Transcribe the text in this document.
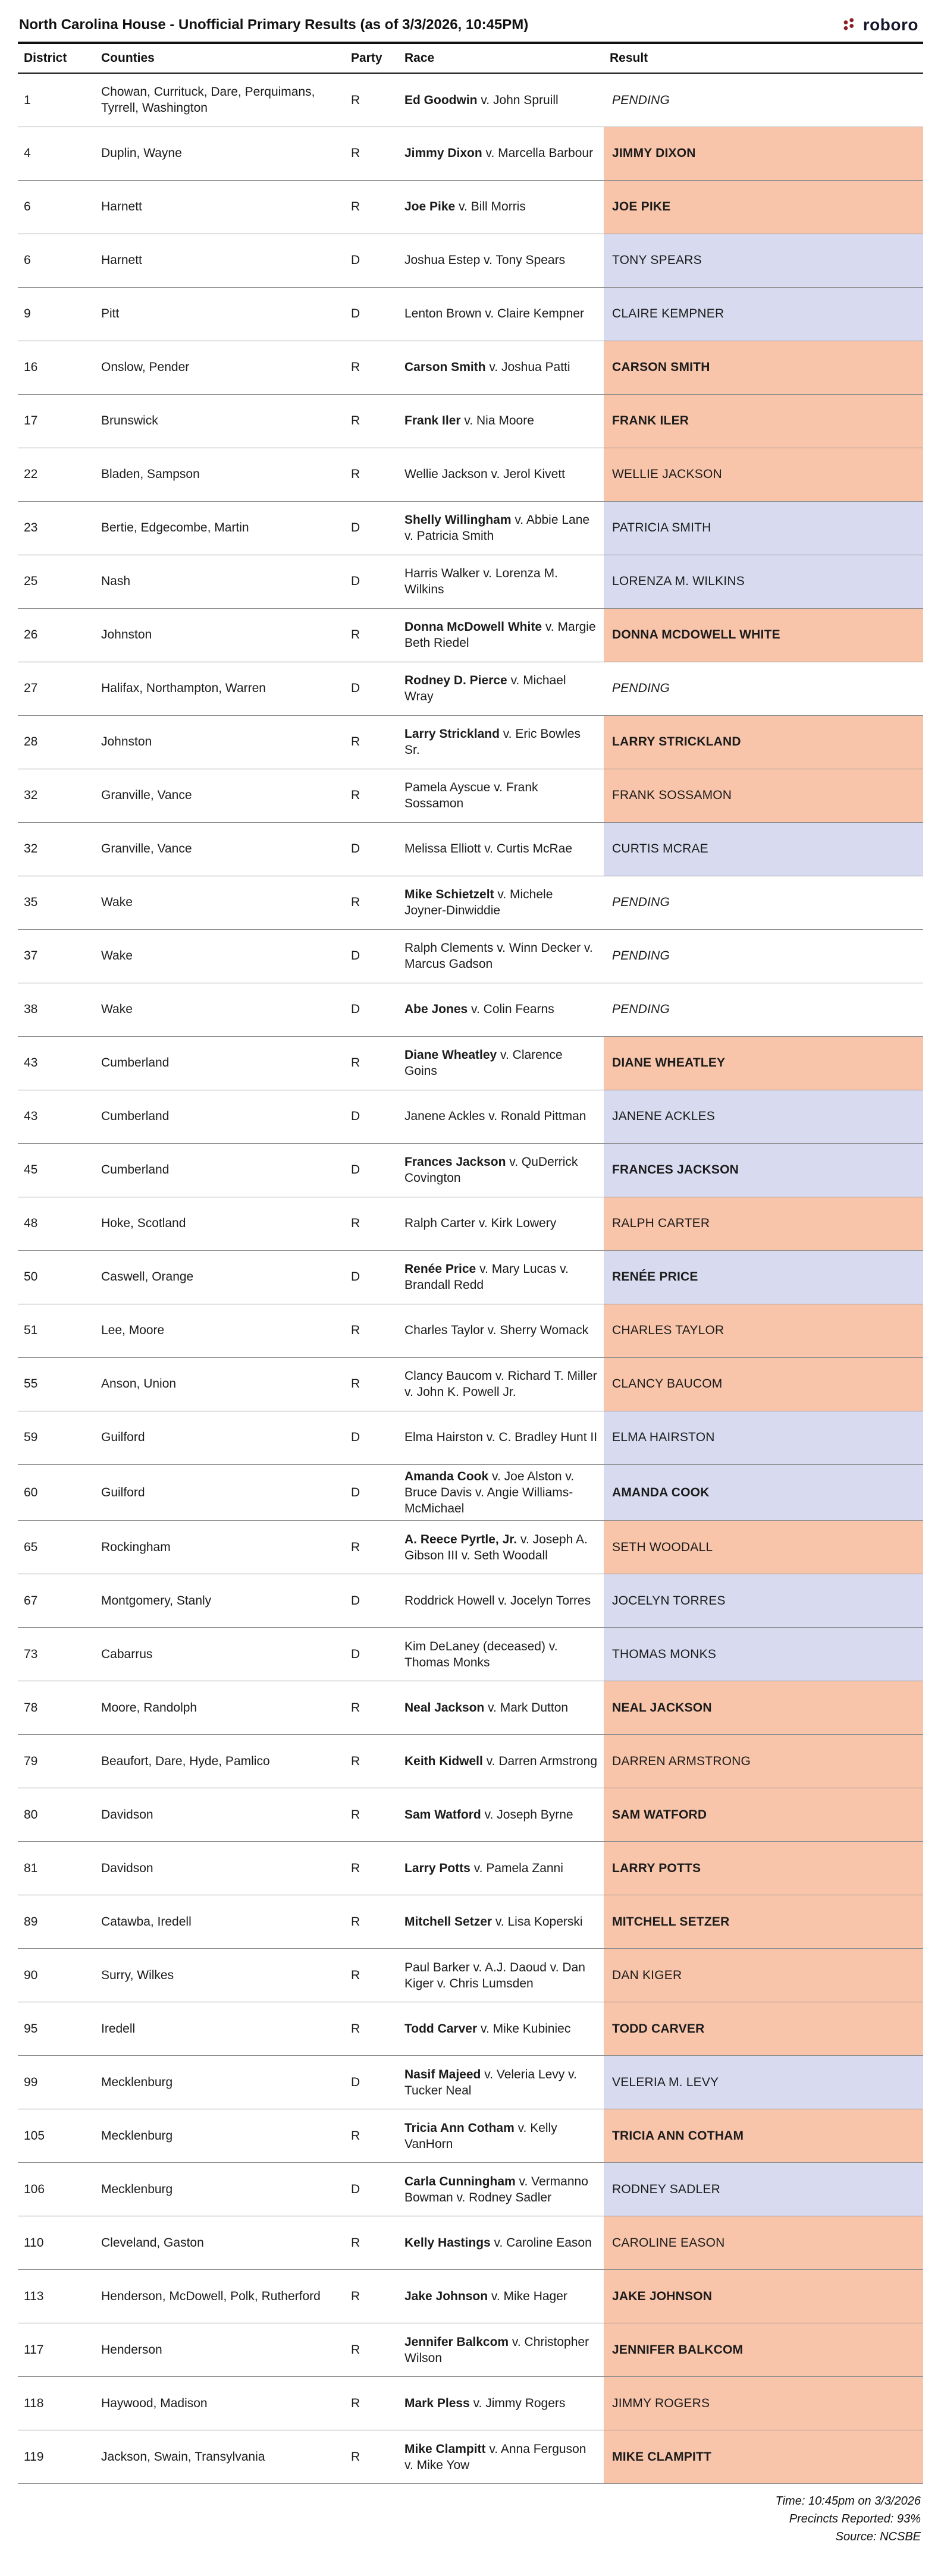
North Carolina House - Unofficial Primary Results (as of 3/3/2026, 10:45PM)	roboro
District	Counties	Party	Race	Result
1	Chowan, Currituck, Dare, Perquimans, Tyrrell, Washington	R	Ed Goodwin v. John Spruill	PENDING
4	Duplin, Wayne	R	Jimmy Dixon v. Marcella Barbour	JIMMY DIXON
6	Harnett	R	Joe Pike v. Bill Morris	JOE PIKE
6	Harnett	D	Joshua Estep v. Tony Spears	TONY SPEARS
9	Pitt	D	Lenton Brown v. Claire Kempner	CLAIRE KEMPNER
16	Onslow, Pender	R	Carson Smith v. Joshua Patti	CARSON SMITH
17	Brunswick	R	Frank Iler v. Nia Moore	FRANK ILER
22	Bladen, Sampson	R	Wellie Jackson v. Jerol Kivett	WELLIE JACKSON
23	Bertie, Edgecombe, Martin	D	Shelly Willingham v. Abbie Lane v. Patricia Smith	PATRICIA SMITH
25	Nash	D	Harris Walker v. Lorenza M. Wilkins	LORENZA M. WILKINS
26	Johnston	R	Donna McDowell White v. Margie Beth Riedel	DONNA MCDOWELL WHITE
27	Halifax, Northampton, Warren	D	Rodney D. Pierce v. Michael Wray	PENDING
28	Johnston	R	Larry Strickland v. Eric Bowles Sr.	LARRY STRICKLAND
32	Granville, Vance	R	Pamela Ayscue v. Frank Sossamon	FRANK SOSSAMON
32	Granville, Vance	D	Melissa Elliott v. Curtis McRae	CURTIS MCRAE
35	Wake	R	Mike Schietzelt v. Michele Joyner-Dinwiddie	PENDING
37	Wake	D	Ralph Clements v. Winn Decker v. Marcus Gadson	PENDING
38	Wake	D	Abe Jones v. Colin Fearns	PENDING
43	Cumberland	R	Diane Wheatley v. Clarence Goins	DIANE WHEATLEY
43	Cumberland	D	Janene Ackles v. Ronald Pittman	JANENE ACKLES
45	Cumberland	D	Frances Jackson v. QuDerrick Covington	FRANCES JACKSON
48	Hoke, Scotland	R	Ralph Carter v. Kirk Lowery	RALPH CARTER
50	Caswell, Orange	D	Renée Price v. Mary Lucas v. Brandall Redd	RENÉE PRICE
51	Lee, Moore	R	Charles Taylor v. Sherry Womack	CHARLES TAYLOR
55	Anson, Union	R	Clancy Baucom v. Richard T. Miller v. John K. Powell Jr.	CLANCY BAUCOM
59	Guilford	D	Elma Hairston v. C. Bradley Hunt II	ELMA HAIRSTON
60	Guilford	D	Amanda Cook v. Joe Alston v. Bruce Davis v. Angie Williams-McMichael	AMANDA COOK
65	Rockingham	R	A. Reece Pyrtle, Jr. v. Joseph A. Gibson III v. Seth Woodall	SETH WOODALL
67	Montgomery, Stanly	D	Roddrick Howell v. Jocelyn Torres	JOCELYN TORRES
73	Cabarrus	D	Kim DeLaney (deceased) v. Thomas Monks	THOMAS MONKS
78	Moore, Randolph	R	Neal Jackson v. Mark Dutton	NEAL JACKSON
79	Beaufort, Dare, Hyde, Pamlico	R	Keith Kidwell v. Darren Armstrong	DARREN ARMSTRONG
80	Davidson	R	Sam Watford v. Joseph Byrne	SAM WATFORD
81	Davidson	R	Larry Potts v. Pamela Zanni	LARRY POTTS
89	Catawba, Iredell	R	Mitchell Setzer v. Lisa Koperski	MITCHELL SETZER
90	Surry, Wilkes	R	Paul Barker v. A.J. Daoud v. Dan Kiger v. Chris Lumsden	DAN KIGER
95	Iredell	R	Todd Carver v. Mike Kubiniec	TODD CARVER
99	Mecklenburg	D	Nasif Majeed v. Veleria Levy v. Tucker Neal	VELERIA M. LEVY
105	Mecklenburg	R	Tricia Ann Cotham v. Kelly VanHorn	TRICIA ANN COTHAM
106	Mecklenburg	D	Carla Cunningham v. Vermanno Bowman v. Rodney Sadler	RODNEY SADLER
110	Cleveland, Gaston	R	Kelly Hastings v. Caroline Eason	CAROLINE EASON
113	Henderson, McDowell, Polk, Rutherford	R	Jake Johnson v. Mike Hager	JAKE JOHNSON
117	Henderson	R	Jennifer Balkcom v. Christopher Wilson	JENNIFER BALKCOM
118	Haywood, Madison	R	Mark Pless v. Jimmy Rogers	JIMMY ROGERS
119	Jackson, Swain, Transylvania	R	Mike Clampitt v. Anna Ferguson v. Mike Yow	MIKE CLAMPITT
Time: 10:45pm on 3/3/2026
Precincts Reported: 93%
Source: NCSBE
